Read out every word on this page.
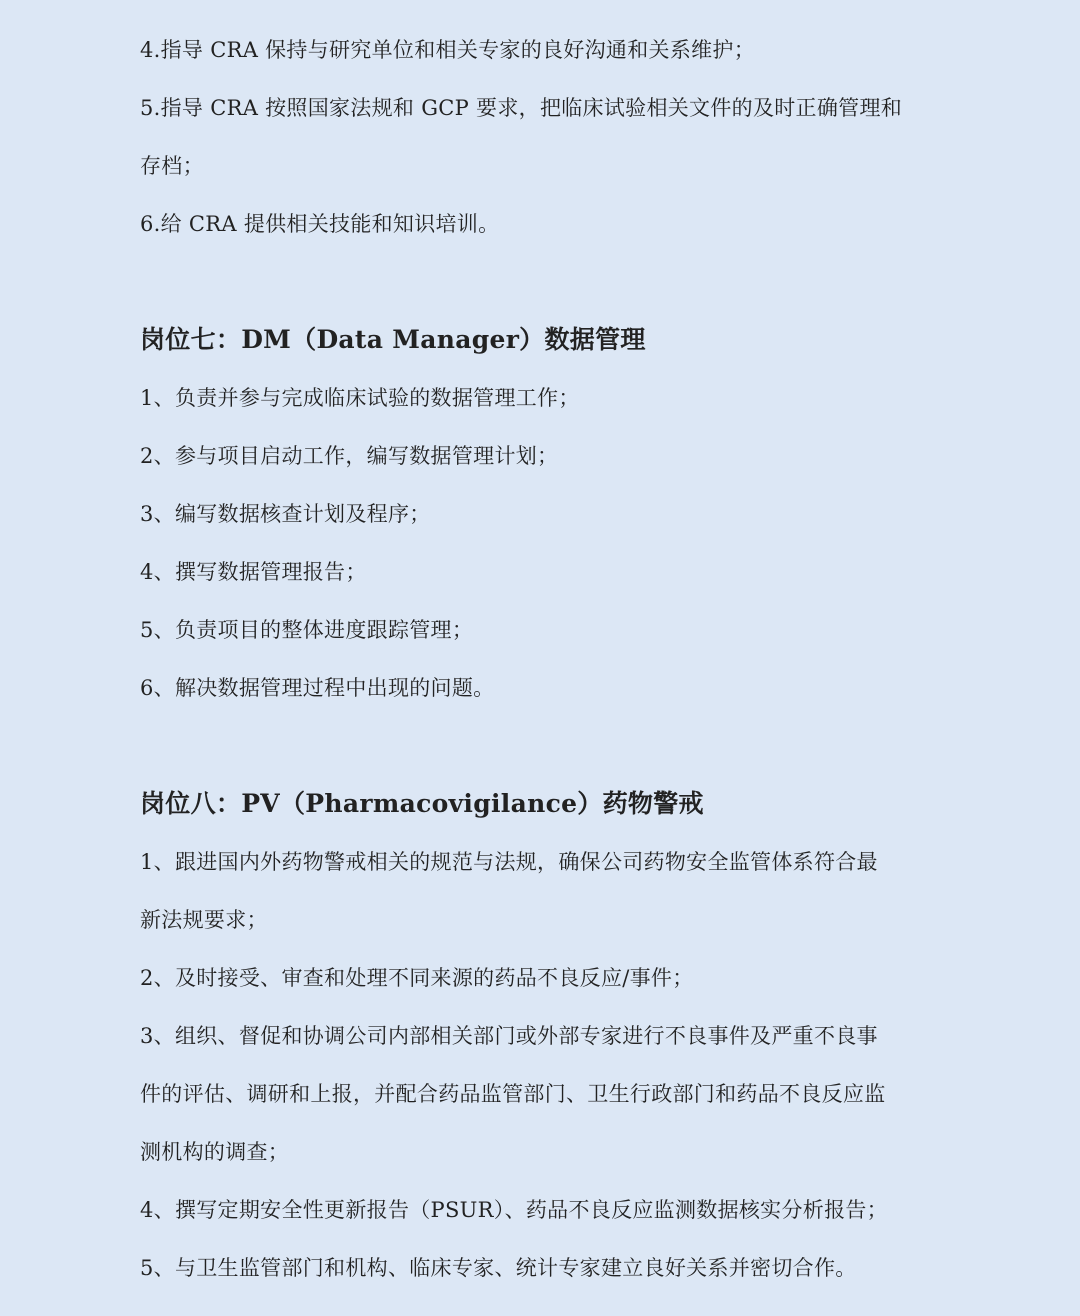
4.指导 CRA 保持与研究单位和相关专家的良好沟通和关系维护；

5.指导 CRA 按照国家法规和 GCP 要求，把临床试验相关文件的及时正确管理和

存档；

6.给 CRA 提供相关技能和知识培训。

岗位七：DM（Data Manager）数据管理

1、负责并参与完成临床试验的数据管理工作；

2、参与项目启动工作，编写数据管理计划；

3、编写数据核查计划及程序；

4、撰写数据管理报告；

5、负责项目的整体进度跟踪管理；

6、解决数据管理过程中出现的问题。

岗位八：PV（Pharmacovigilance）药物警戒

1、跟进国内外药物警戒相关的规范与法规，确保公司药物安全监管体系符合最

新法规要求；

2、及时接受、审查和处理不同来源的药品不良反应/事件；

3、组织、督促和协调公司内部相关部门或外部专家进行不良事件及严重不良事

件的评估、调研和上报，并配合药品监管部门、卫生行政部门和药品不良反应监

测机构的调查；

4、撰写定期安全性更新报告（PSUR）、药品不良反应监测数据核实分析报告；

5、与卫生监管部门和机构、临床专家、统计专家建立良好关系并密切合作。
